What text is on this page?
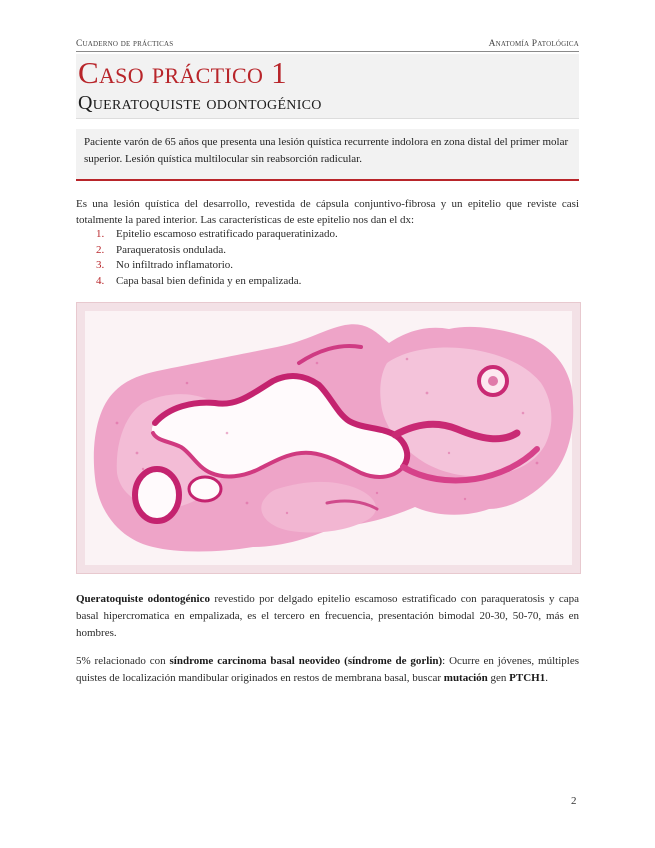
Cuaderno de prácticas	Anatomía Patológica
Caso práctico 1
Queratoquiste odontogénico
Paciente varón de 65 años que presenta una lesión quística recurrente indolora en zona distal del primer molar superior. Lesión quística multilocular sin reabsorción radicular.
Es una lesión quística del desarrollo, revestida de cápsula conjuntivo-fibrosa y un epitelio que reviste casi totalmente la pared interior. Las características de este epitelio nos dan el dx:
1. Epitelio escamoso estratificado paraqueratinizado.
2. Paraqueratosis ondulada.
3. No infiltrado inflamatorio.
4. Capa basal bien definida y en empalizada.
Queratoquiste odontogénico revestido por delgado epitelio escamoso estratificado con paraqueratosis y capa basal hipercromatica en empalizada, es el tercero en frecuencia, presentación bimodal 20-30, 50-70, más en hombres.
5% relacionado con síndrome carcinoma basal neovideo (síndrome de gorlin): Ocurre en jóvenes, múltiples quistes de localización mandibular originados en restos de membrana basal, buscar mutación gen PTCH1.
2
